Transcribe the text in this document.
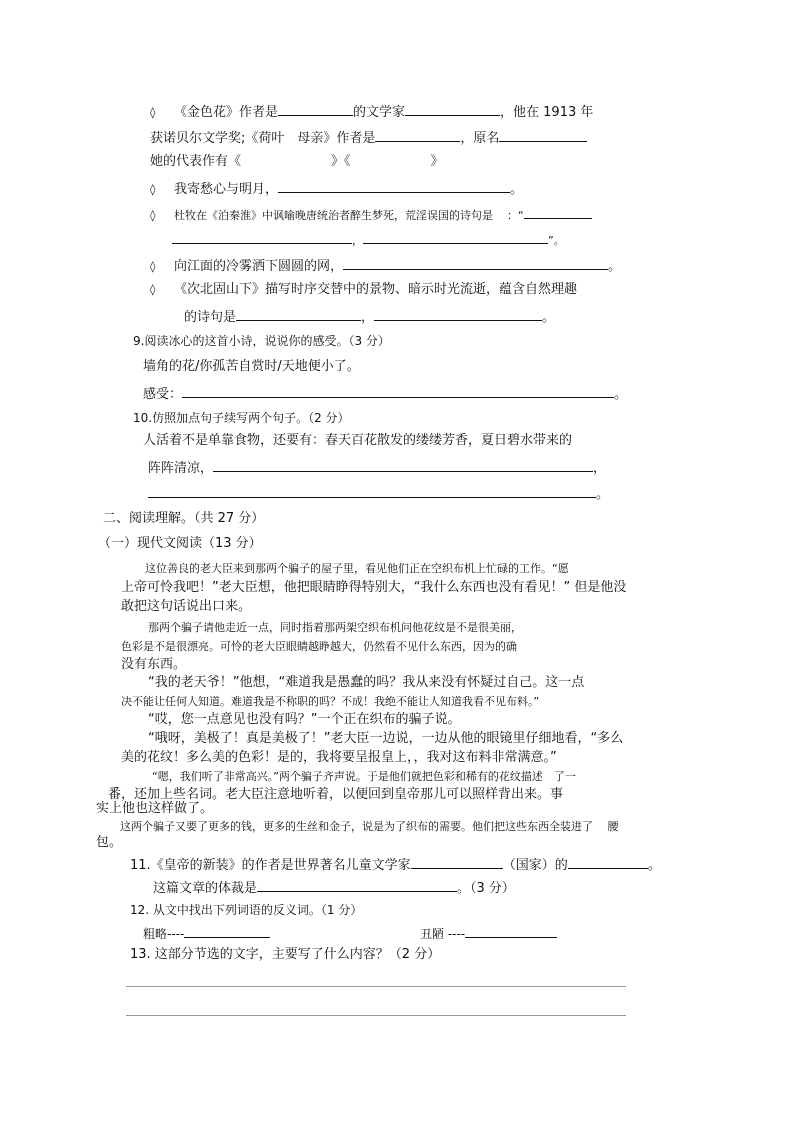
◊ 《金色花》作者是	的文学家	，他在 1913 年
获诺贝尔文学奖;《荷叶　母亲》作者是	，原名
她的代表作有《	》《	》
◊ 我寄愁心与明月，	。
◊ 杜牧在《泊秦淮》中讽喻晚唐统治者醉生梦死，荒淫误国的诗句是 ：“
，	”。
◊ 向江面的冷雾洒下圆圆的网，	。
◊ 《次北固山下》描写时序交替中的景物、暗示时光流逝，蕴含自然理趣
的诗句是	，	。
9.阅读冰心的这首小诗，说说你的感受。（3 分）
墙角的花/你孤苦自赏时/天地便小了。
感受：	。
10.仿照加点句子续写两个句子。（2 分）
人活着不是单靠食物，还要有：春天百花散发的缕缕芳香，夏日碧水带来的
阵阵清凉，	，
。
二、阅读理解。（共 27 分）
（一）现代文阅读（13 分）
这位善良的老大臣来到那两个骗子的屋子里，看见他们正在空织布机上忙碌的工作。“愿
上帝可怜我吧！”老大臣想，他把眼睛睁得特别大，“我什么东西也没有看见！” 但是他没
敢把这句话说出口来。
那两个骗子请他走近一点，同时指着那两架空织布机问他花纹是不是很美丽，
色彩是不是很漂亮。可怜的老大臣眼睛越睁越大，仍然看不见什么东西，因为的确
没有东西。
“我的老天爷！”他想，“难道我是愚蠢的吗？我从来没有怀疑过自己。这一点
决不能让任何人知道。难道我是不称职的吗？不成！我绝不能让人知道我看不见布料。”
“哎，您一点意见也没有吗？”一个正在织布的骗子说。
“哦呀，美极了！真是美极了！”老大臣一边说，一边从他的眼镜里仔细地看，“多么
美的花纹！多么美的色彩！是的，我将要呈报皇上，，我对这布料非常满意。”
“嗯，我们听了非常高兴。”两个骗子齐声说。于是他们就把色彩和稀有的花纹描述　了一
番，还加上些名词。老大臣注意地听着，以便回到皇帝那儿可以照样背出来。事
实上他也这样做了。
这两个骗子又要了更多的钱，更多的生丝和金子，说是为了织布的需要。他们把这些东西全装进了　 腰
包。
11.《皇帝的新装》的作者是世界著名儿童文学家	（国家）的	。
这篇文章的体裁是	。（3 分）
12. 从文中找出下列词语的反义词。（1 分）
粗略----	丑陋 ----
13. 这部分节选的文字，主要写了什么内容？（2 分）
